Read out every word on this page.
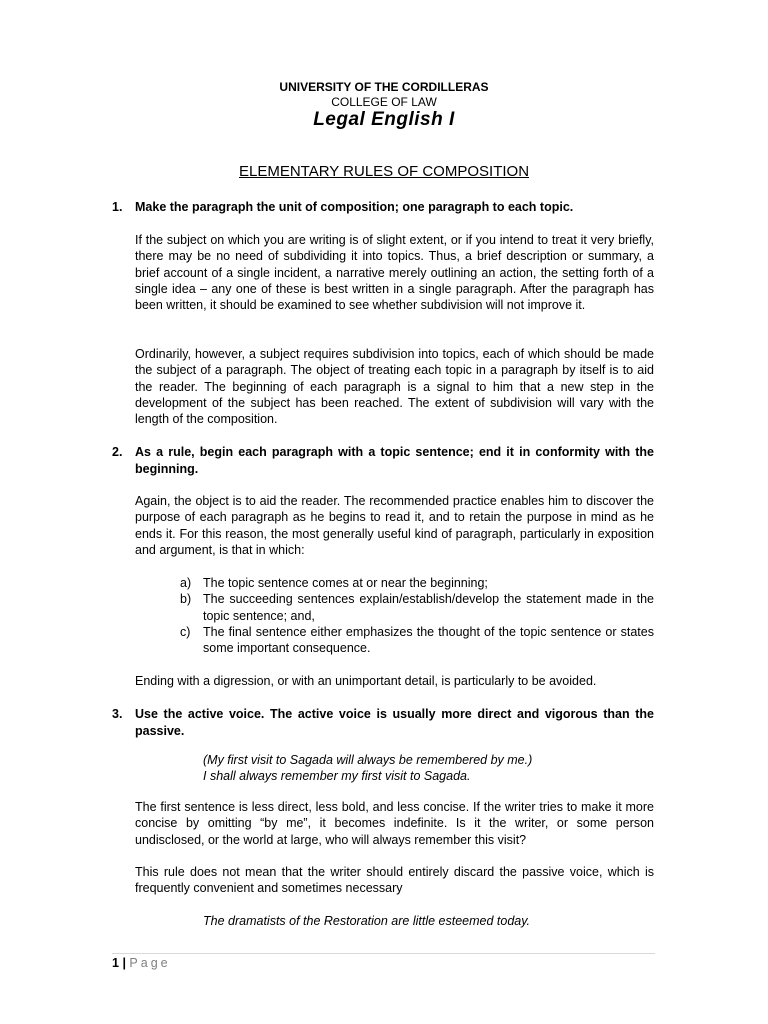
UNIVERSITY OF THE CORDILLERAS
COLLEGE OF LAW
Legal English I
ELEMENTARY RULES OF COMPOSITION
1. Make the paragraph the unit of composition; one paragraph to each topic.
If the subject on which you are writing is of slight extent, or if you intend to treat it very briefly, there may be no need of subdividing it into topics. Thus, a brief description or summary, a brief account of a single incident, a narrative merely outlining an action, the setting forth of a single idea – any one of these is best written in a single paragraph. After the paragraph has been written, it should be examined to see whether subdivision will not improve it.
Ordinarily, however, a subject requires subdivision into topics, each of which should be made the subject of a paragraph. The object of treating each topic in a paragraph by itself is to aid the reader. The beginning of each paragraph is a signal to him that a new step in the development of the subject has been reached. The extent of subdivision will vary with the length of the composition.
2. As a rule, begin each paragraph with a topic sentence; end it in conformity with the beginning.
Again, the object is to aid the reader. The recommended practice enables him to discover the purpose of each paragraph as he begins to read it, and to retain the purpose in mind as he ends it. For this reason, the most generally useful kind of paragraph, particularly in exposition and argument, is that in which:
a) The topic sentence comes at or near the beginning;
b) The succeeding sentences explain/establish/develop the statement made in the topic sentence; and,
c) The final sentence either emphasizes the thought of the topic sentence or states some important consequence.
Ending with a digression, or with an unimportant detail, is particularly to be avoided.
3. Use the active voice. The active voice is usually more direct and vigorous than the passive.
(My first visit to Sagada will always be remembered by me.)
I shall always remember my first visit to Sagada.
The first sentence is less direct, less bold, and less concise. If the writer tries to make it more concise by omitting “by me”, it becomes indefinite. Is it the writer, or some person undisclosed, or the world at large, who will always remember this visit?
This rule does not mean that the writer should entirely discard the passive voice, which is frequently convenient and sometimes necessary
The dramatists of the Restoration are little esteemed today.
1 | Page
